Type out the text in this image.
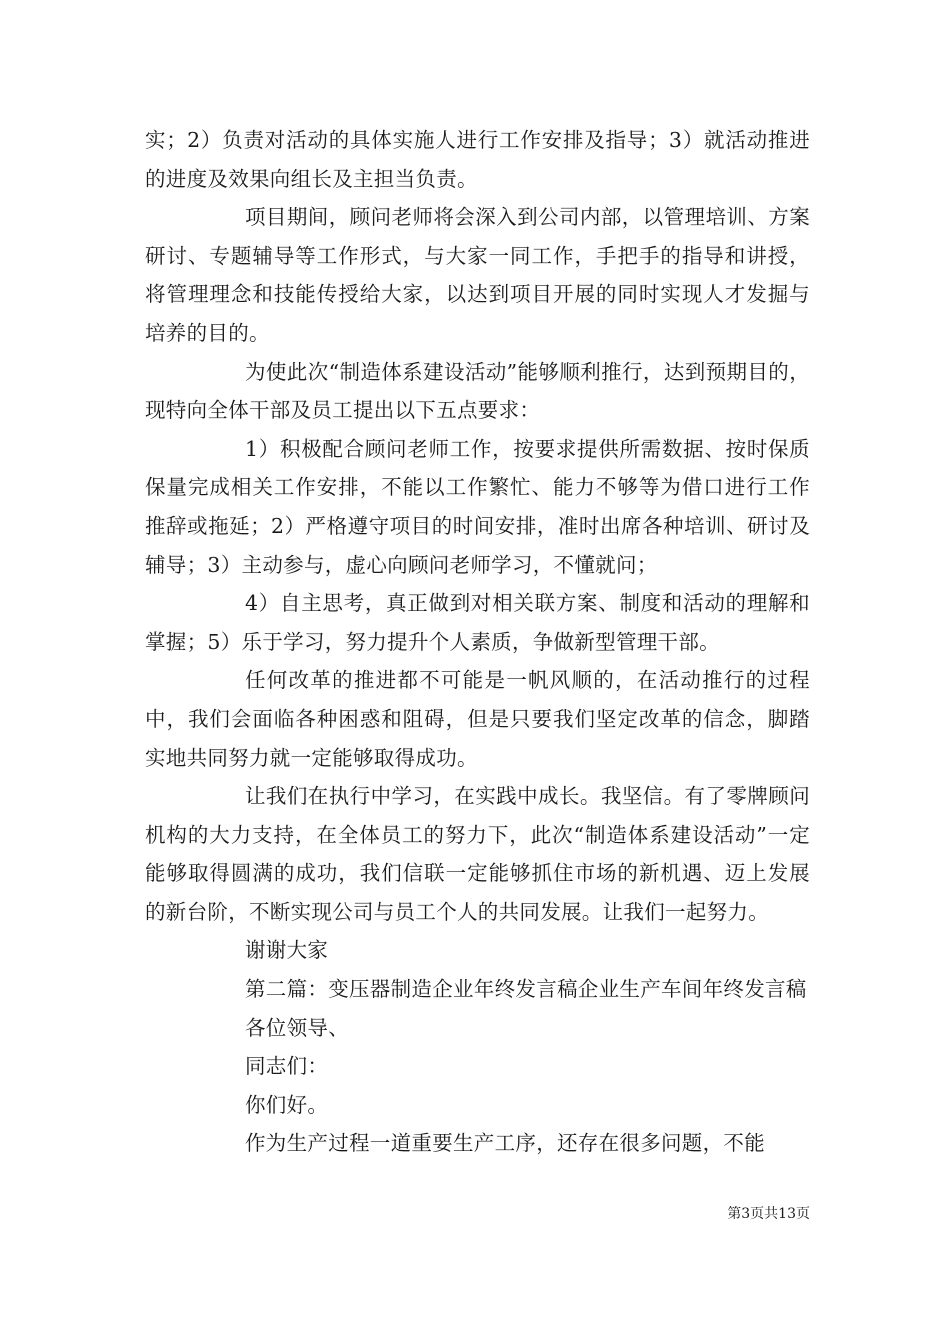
实；2）负责对活动的具体实施人进行工作安排及指导；3）就活动推进的进度及效果向组长及主担当负责。

项目期间，顾问老师将会深入到公司内部，以管理培训、方案研讨、专题辅导等工作形式，与大家一同工作，手把手的指导和讲授，将管理理念和技能传授给大家，以达到项目开展的同时实现人才发掘与培养的目的。

为使此次“制造体系建设活动”能够顺利推行，达到预期目的，现特向全体干部及员工提出以下五点要求：

1）积极配合顾问老师工作，按要求提供所需数据、按时保质保量完成相关工作安排，不能以工作繁忙、能力不够等为借口进行工作推辞或拖延；2）严格遵守项目的时间安排，准时出席各种培训、研讨及辅导；3）主动参与，虚心向顾问老师学习，不懂就问；

4）自主思考，真正做到对相关联方案、制度和活动的理解和掌握；5）乐于学习，努力提升个人素质，争做新型管理干部。

任何改革的推进都不可能是一帆风顺的，在活动推行的过程中，我们会面临各种困惑和阻碍，但是只要我们坚定改革的信念，脚踏实地共同努力就一定能够取得成功。

让我们在执行中学习，在实践中成长。我坚信。有了零牌顾问机构的大力支持，在全体员工的努力下，此次“制造体系建设活动”一定能够取得圆满的成功，我们信联一定能够抓住市场的新机遇、迈上发展的新台阶，不断实现公司与员工个人的共同发展。让我们一起努力。

谢谢大家

第二篇：变压器制造企业年终发言稿企业生产车间年终发言稿

各位领导、

同志们：

你们好。

作为生产过程一道重要生产工序，还存在很多问题，不能

第3页共13页
